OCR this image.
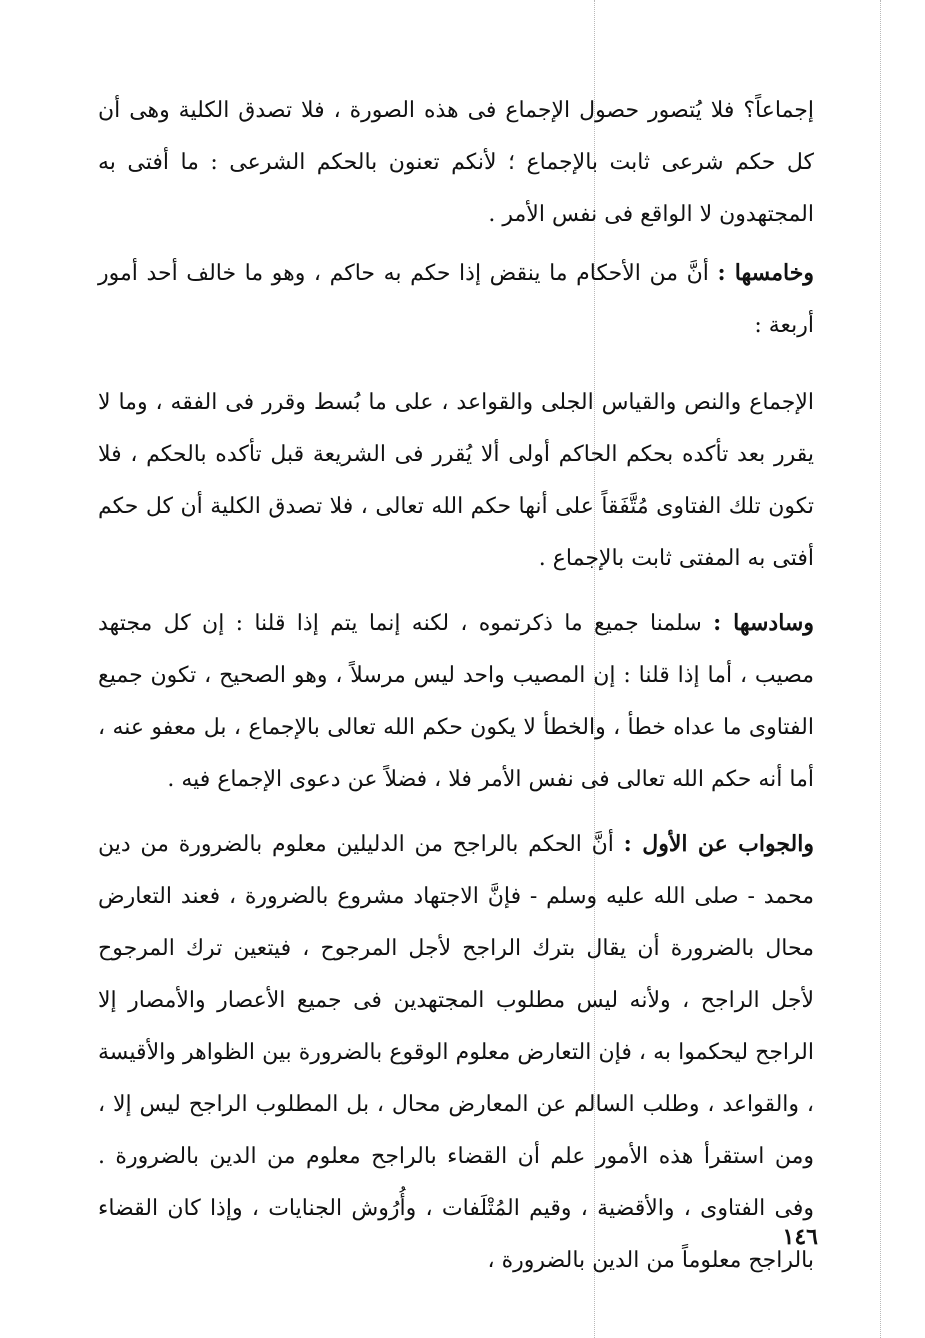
إجماعاً؟ فلا يُتصور حصول الإجماع فى هذه الصورة ، فلا تصدق الكلية وهى أن كل حكم شرعى ثابت بالإجماع ؛ لأنكم تعنون بالحكم الشرعى : ما أفتى به المجتهدون لا الواقع فى نفس الأمر .

وخامسها : أنَّ من الأحكام ما ينقض إذا حكم به حاكم ، وهو ما خالف أحد أمور أربعة :

الإجماع والنص والقياس الجلى والقواعد ، على ما بُسط وقرر فى الفقه ، وما لا يقرر بعد تأكده بحكم الحاكم أولى ألا يُقرر فى الشريعة قبل تأكده بالحكم ، فلا تكون تلك الفتاوى مُتَّفَقاً على أنها حكم الله تعالى ، فلا تصدق الكلية أن كل حكم أفتى به المفتى ثابت بالإجماع .

وسادسها : سلمنا جميع ما ذكرتموه ، لكنه إنما يتم إذا قلنا : إن كل مجتهد مصيب ، أما إذا قلنا : إن المصيب واحد ليس مرسلاً ، وهو الصحيح ، تكون جميع الفتاوى ما عداه خطأ ، والخطأ لا يكون حكم الله تعالى بالإجماع ، بل معفو عنه ، أما أنه حكم الله تعالى فى نفس الأمر فلا ، فضلاً عن دعوى الإجماع فيه .

والجواب عن الأول : أنَّ الحكم بالراجح من الدليلين معلوم بالضرورة من دين محمد - صلى الله عليه وسلم - فإنَّ الاجتهاد مشروع بالضرورة ، فعند التعارض محال بالضرورة أن يقال بترك الراجح لأجل المرجوح ، فيتعين ترك المرجوح لأجل الراجح ، ولأنه ليس مطلوب المجتهدين فى جميع الأعصار والأمصار إلا الراجح ليحكموا به ، فإن التعارض معلوم الوقوع بالضرورة بين الظواهر والأقيسة ، والقواعد ، وطلب السالم عن المعارض محال ، بل المطلوب الراجح ليس إلا ، ومن استقرأ هذه الأمور علم أن القضاء بالراجح معلوم من الدين بالضرورة . وفى الفتاوى ، والأقضية ، وقيم المُتْلَفات ، وأُرُوش الجنايات ، وإذا كان القضاء بالراجح معلوماً من الدين بالضرورة ،

١٤٦
